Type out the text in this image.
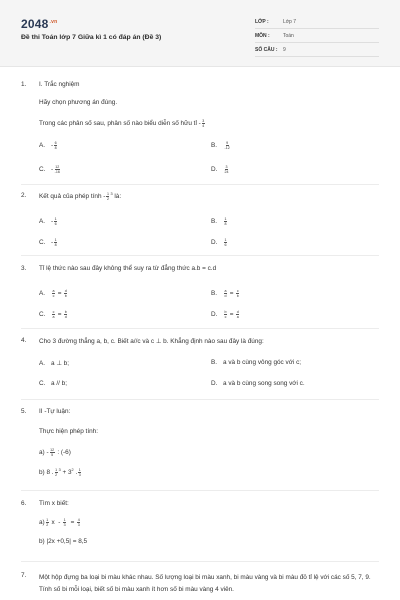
$2048^{.vn}$
Đề thi Toán lớp 7 Giữa kì 1 có đáp án (Đề 3)
LỚP :	Lớp 7
MÔN :	Toán
SỐ CÂU :	9
1.	I. Trắc nghiệm
Hãy chọn phương án đúng.
Trong các phân số sau, phân số nào biểu diễn số hữu tỉ - $\frac{3}{4}$
A. - $\frac{6}{8}$	B. $\frac{9}{-12}$
C. - $\frac{12}{-16}$	D. $\frac{3}{24}$
2.	Kết quả của phép tính - $\frac{1}{2} ^3$ là:
A. - $\frac{1}{6}$	B. $\frac{1}{8}$
C. - $\frac{1}{8}$	D. $\frac{1}{6}$
3.	Tỉ lệ thức nào sau đây không thể suy ra từ đẳng thức a.b = c.d
A. $\frac{a}{c} = \frac{d}{b}$	B. $\frac{a}{d} = \frac{c}{b}$
C. $\frac{c}{a} = \frac{b}{d}$	D. $\frac{b}{c} = \frac{d}{a}$
4.	Cho 3 đường thẳng a, b, c. Biết a//c và c ⊥ b. Khẳng định nào sau đây là đúng:
A. a ⊥ b;	B. a và b cùng vông góc với c;
C. a // b;	D. a và b cùng song song với c.
5.	II -Tự luận:
Thực hiện phép tính:
$a) - \frac{12}{5}$ : (-6)
b) 8 . $\frac{1}{2} ^3 + 3^2$ . $\frac{1}{3}$
6.	Tìm x biết:
$a) \frac{1}{2}$ $x - \frac{1}{3} = \frac{4}{3}$
b) |2x +0,5| = 8,5
7.	Một hộp đựng ba loại bi màu khác nhau. Số lượng loại bi màu xanh, bi màu vàng và bi màu đỏ tỉ lệ với các số 5, 7, 9. Tính số bi mỗi loại, biết số bi màu xanh ít hơn số bi màu vàng 4 viên.
